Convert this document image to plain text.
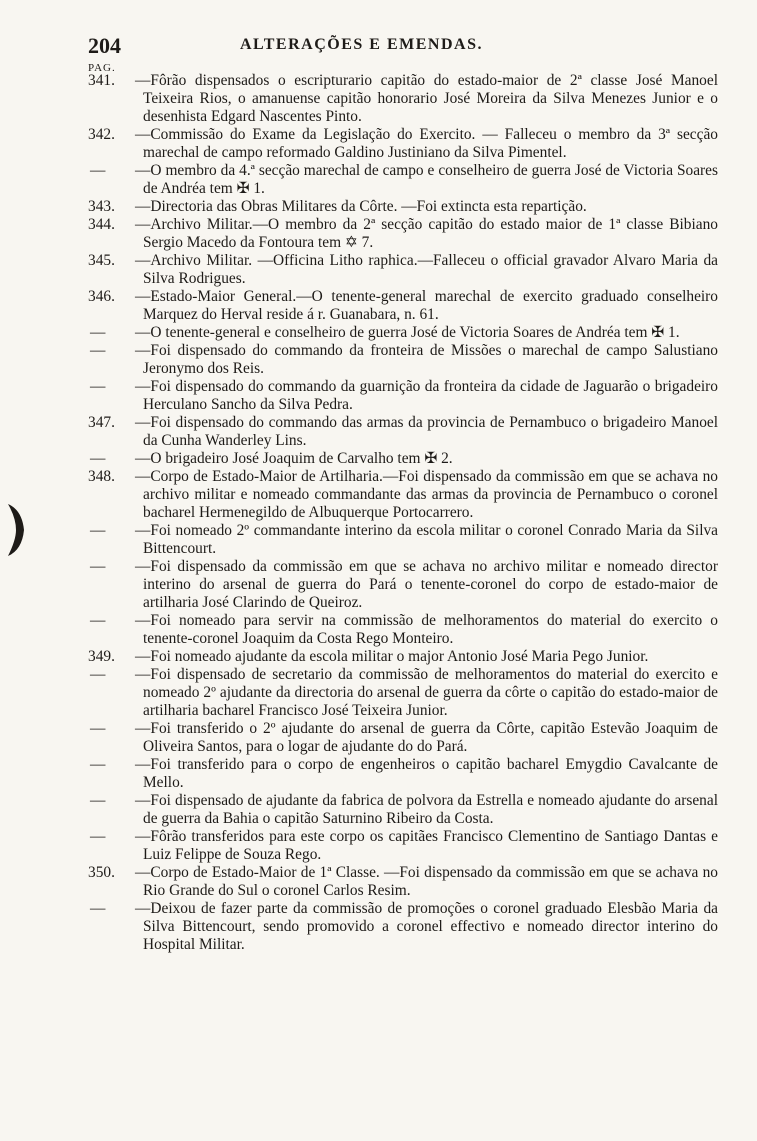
204	ALTERAÇÕES E EMENDAS.
PAG.
341.	—Fôrão dispensados o escripturario capitão do estado-maior de 2ª classe José Manoel Teixeira Rios, o amanuense capitão honorario José Moreira da Silva Menezes Junior e o desenhista Edgard Nascentes Pinto.
342.	—Commissão do Exame da Legislação do Exercito. — Falleceu o membro da 3ª secção marechal de campo reformado Galdino Justiniano da Silva Pimentel.
—	—O membro da 4.ª secção marechal de campo e conselheiro de guerra José de Victoria Soares de Andréa tem ✠ 1.
343.	—Directoria das Obras Militares da Côrte. —Foi extincta esta repartição.
344.	—Archivo Militar.—O membro da 2ª secção capitão do estado maior de 1ª classe Bibiano Sergio Macedo da Fontoura tem ✡ 7.
345.	—Archivo Militar. —Officina Litho raphica.—Falleceu o official gravador Alvaro Maria da Silva Rodrigues.
346.	—Estado-Maior General.—O tenente-general marechal de exercito graduado conselheiro Marquez do Herval reside á r. Guanabara, n. 61.
—	—O tenente-general e conselheiro de guerra José de Victoria Soares de Andréa tem ✠ 1.
—	—Foi dispensado do commando da fronteira de Missões o marechal de campo Salustiano Jeronymo dos Reis.
—	—Foi dispensado do commando da guarnição da fronteira da cidade de Jaguarão o brigadeiro Herculano Sancho da Silva Pedra.
347.	—Foi dispensado do commando das armas da provincia de Pernambuco o brigadeiro Manoel da Cunha Wanderley Lins.
—	—O brigadeiro José Joaquim de Carvalho tem ✠ 2.
348.	—Corpo de Estado-Maior de Artilharia.—Foi dispensado da commissão em que se achava no archivo militar e nomeado commandante das armas da provincia de Pernambuco o coronel bacharel Hermenegildo de Albuquerque Portocarrero.
—	—Foi nomeado 2º commandante interino da escola militar o coronel Conrado Maria da Silva Bittencourt.
—	—Foi dispensado da commissão em que se achava no archivo militar e nomeado director interino do arsenal de guerra do Pará o tenente-coronel do corpo de estado-maior de artilharia José Clarindo de Queiroz.
—	—Foi nomeado para servir na commissão de melhoramentos do material do exercito o tenente-coronel Joaquim da Costa Rego Monteiro.
349.	—Foi nomeado ajudante da escola militar o major Antonio José Maria Pego Junior.
—	—Foi dispensado de secretario da commissão de melhoramentos do material do exercito e nomeado 2º ajudante da directoria do arsenal de guerra da côrte o capitão do estado-maior de artilharia bacharel Francisco José Teixeira Junior.
—	—Foi transferido o 2º ajudante do arsenal de guerra da Côrte, capitão Estevão Joaquim de Oliveira Santos, para o logar de ajudante do do Pará.
—	—Foi transferido para o corpo de engenheiros o capitão bacharel Emygdio Cavalcante de Mello.
—	—Foi dispensado de ajudante da fabrica de polvora da Estrella e nomeado ajudante do arsenal de guerra da Bahia o capitão Saturnino Ribeiro da Costa.
—	—Fôrão transferidos para este corpo os capitães Francisco Clementino de Santiago Dantas e Luiz Felippe de Souza Rego.
350.	—Corpo de Estado-Maior de 1ª Classe. —Foi dispensado da commissão em que se achava no Rio Grande do Sul o coronel Carlos Resim.
—	—Deixou de fazer parte da commissão de promoções o coronel graduado Elesbão Maria da Silva Bittencourt, sendo promovido a coronel effectivo e nomeado director interino do Hospital Militar.
